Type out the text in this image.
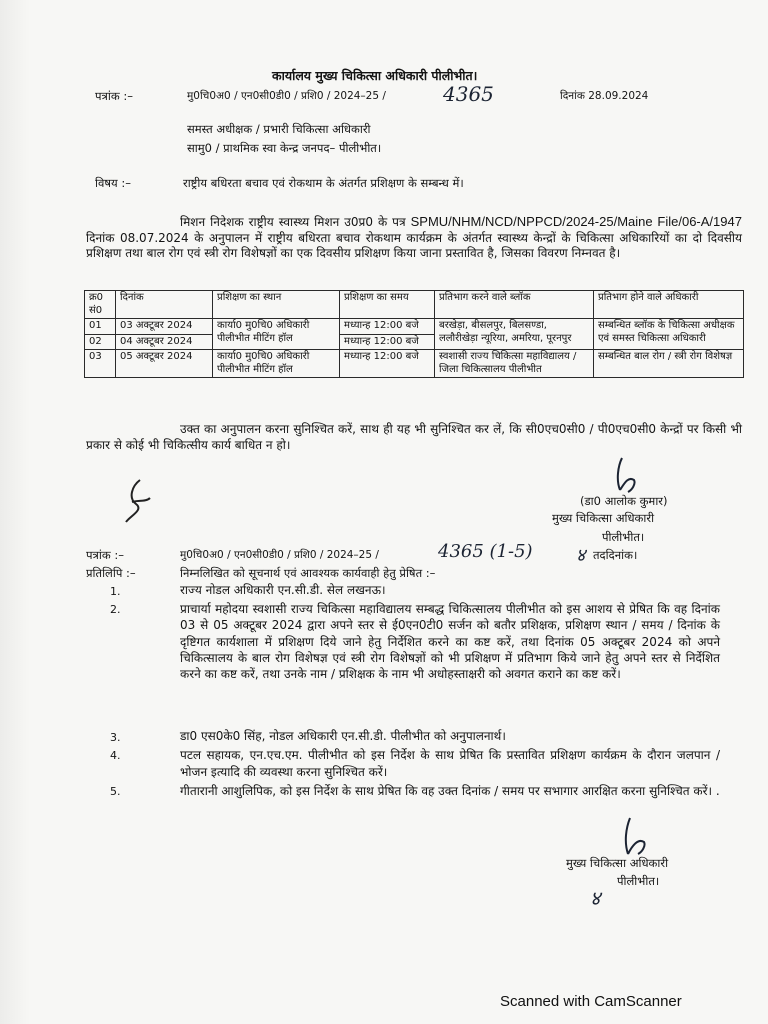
कार्यालय मुख्य चिकित्सा अधिकारी पीलीभीत।
पत्रांक :–	मु0चि0अ0 / एन0सी0डी0 / प्रशि0 / 2024–25 /	4365	दिनांक 28.09.2024
समस्त अधीक्षक / प्रभारी चिकित्सा अधिकारी
सामु0 / प्राथमिक स्वा केन्द्र जनपद– पीलीभीत।
विषय :–	राष्ट्रीय बधिरता बचाव एवं रोकथाम के अंतर्गत प्रशिक्षण के सम्बन्ध में।
मिशन निदेशक राष्ट्रीय स्वास्थ्य मिशन उ0प्र0 के पत्र SPMU/NHM/NCD/NPPCD/2024-25/Maine File/06-A/1947 दिनांक 08.07.2024 के अनुपालन में राष्ट्रीय बधिरता बचाव रोकथाम कार्यक्रम के अंतर्गत स्वास्थ्य केन्द्रों के चिकित्सा अधिकारियों का दो दिवसीय प्रशिक्षण तथा बाल रोग एवं स्त्री रोग विशेषज्ञों का एक दिवसीय प्रशिक्षण किया जाना प्रस्तावित है, जिसका विवरण निम्नवत है।
क्र0 सं0	दिनांक	प्रशिक्षण का स्थान	प्रशिक्षण का समय	प्रतिभाग करने वाले ब्लॉक	प्रतिभाग होने वाले अधिकारी
01	03 अक्टूबर 2024	कार्या0 मु0चि0 अधिकारी पीलीभीत मीटिंग हॉल	मध्यान्ह 12:00 बजे	बरखेड़ा, बीसलपुर, बिलसण्डा,
ललौरीखेड़ा न्यूरिया, अमरिया, पूरनपुर	सम्बन्धित ब्लॉक के चिकित्सा अधीक्षक एवं समस्त चिकित्सा अधिकारी
02	04 अक्टूबर 2024		मध्यान्ह 12:00 बजे		
03	05 अक्टूबर 2024	कार्या0 मु0चि0 अधिकारी पीलीभीत मीटिंग हॉल	मध्यान्ह 12:00 बजे	स्वशासी राज्य चिकित्सा महाविद्यालय / जिला चिकित्सालय पीलीभीत	सम्बन्धित बाल रोग / स्त्री रोग विशेषज्ञ
उक्त का अनुपालन करना सुनिश्चित करें, साथ ही यह भी सुनिश्चित कर लें, कि सी0एच0सी0 / पी0एच0सी0 केन्द्रों पर किसी भी प्रकार से कोई भी चिकित्सीय कार्य बाधित न हो।
(डा0 आलोक कुमार)
मुख्य चिकित्सा अधिकारी
पीलीभीत।
पत्रांक :–	मु0चि0अ0 / एन0सी0डी0 / प्रशि0 / 2024–25 /	4365 (1-5) ४ तददिनांक।
प्रतिलिपि :–	निम्नलिखित को सूचनार्थ एवं आवश्यक कार्यवाही हेतु प्रेषित :–
1.	राज्य नोडल अधिकारी एन.सी.डी. सेल लखनऊ।
2.	प्राचार्या महोदया स्वशासी राज्य चिकित्सा महाविद्यालय सम्बद्ध चिकित्सालय पीलीभीत को इस आशय से प्रेषित कि वह दिनांक 03 से 05 अक्टूबर 2024 द्वारा अपने स्तर से ई0एन0टी0 सर्जन को बतौर प्रशिक्षक, प्रशिक्षण स्थान / समय / दिनांक के दृष्टिगत कार्यशाला में प्रशिक्षण दिये जाने हेतु निर्देशित करने का कष्ट करें, तथा दिनांक 05 अक्टूबर 2024 को अपने चिकित्सालय के बाल रोग विशेषज्ञ एवं स्त्री रोग विशेषज्ञों को भी प्रशिक्षण में प्रतिभाग किये जाने हेतु अपने स्तर से निर्देशित करने का कष्ट करें, तथा उनके नाम / प्रशिक्षक के नाम भी अधोहस्ताक्षरी को अवगत कराने का कष्ट करें।
3.	डा0 एस0के0 सिंह, नोडल अधिकारी एन.सी.डी. पीलीभीत को अनुपालनार्थ।
4.	पटल सहायक, एन.एच.एम. पीलीभीत को इस निर्देश के साथ प्रेषित कि प्रस्तावित प्रशिक्षण कार्यक्रम के दौरान जलपान / भोजन इत्यादि की व्यवस्था करना सुनिश्चित करें।
5.	गीतारानी आशुलिपिक, को इस निर्देश के साथ प्रेषित कि वह उक्त दिनांक / समय पर सभागार आरक्षित करना सुनिश्चित करें। .
मुख्य चिकित्सा अधिकारी
पीलीभीत।
४
Scanned with CamScanner
